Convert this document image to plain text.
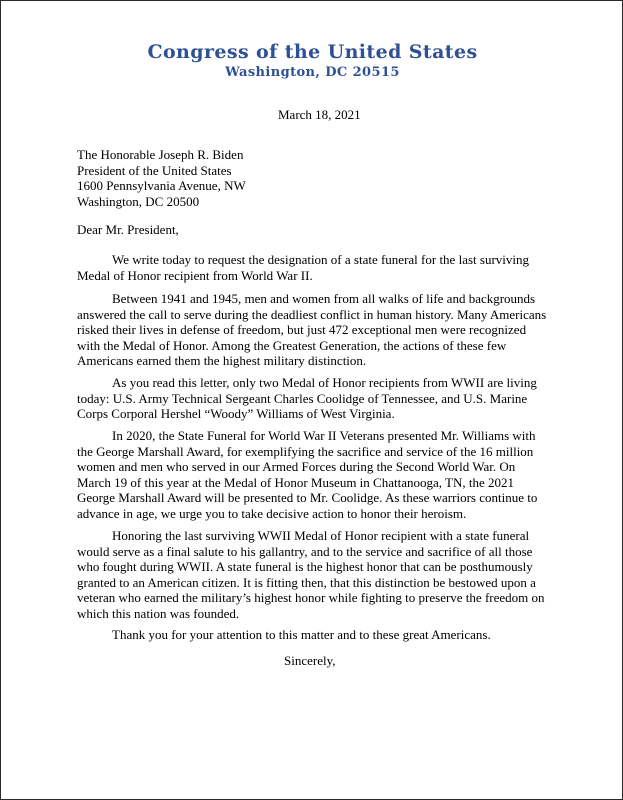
Congress of the United States
Washington, DC 20515
March 18, 2021
The Honorable Joseph R. Biden
President of the United States
1600 Pennsylvania Avenue, NW
Washington, DC 20500
Dear Mr. President,

We write today to request the designation of a state funeral for the last surviving Medal of Honor recipient from World War II.

Between 1941 and 1945, men and women from all walks of life and backgrounds answered the call to serve during the deadliest conflict in human history. Many Americans risked their lives in defense of freedom, but just 472 exceptional men were recognized with the Medal of Honor. Among the Greatest Generation, the actions of these few Americans earned them the highest military distinction.

As you read this letter, only two Medal of Honor recipients from WWII are living today: U.S. Army Technical Sergeant Charles Coolidge of Tennessee, and U.S. Marine Corps Corporal Hershel “Woody” Williams of West Virginia.

In 2020, the State Funeral for World War II Veterans presented Mr. Williams with the George Marshall Award, for exemplifying the sacrifice and service of the 16 million women and men who served in our Armed Forces during the Second World War. On March 19 of this year at the Medal of Honor Museum in Chattanooga, TN, the 2021 George Marshall Award will be presented to Mr. Coolidge. As these warriors continue to advance in age, we urge you to take decisive action to honor their heroism.

Honoring the last surviving WWII Medal of Honor recipient with a state funeral would serve as a final salute to his gallantry, and to the service and sacrifice of all those who fought during WWII. A state funeral is the highest honor that can be posthumously granted to an American citizen. It is fitting then, that this distinction be bestowed upon a veteran who earned the military’s highest honor while fighting to preserve the freedom on which this nation was founded.

Thank you for your attention to this matter and to these great Americans.

Sincerely,
